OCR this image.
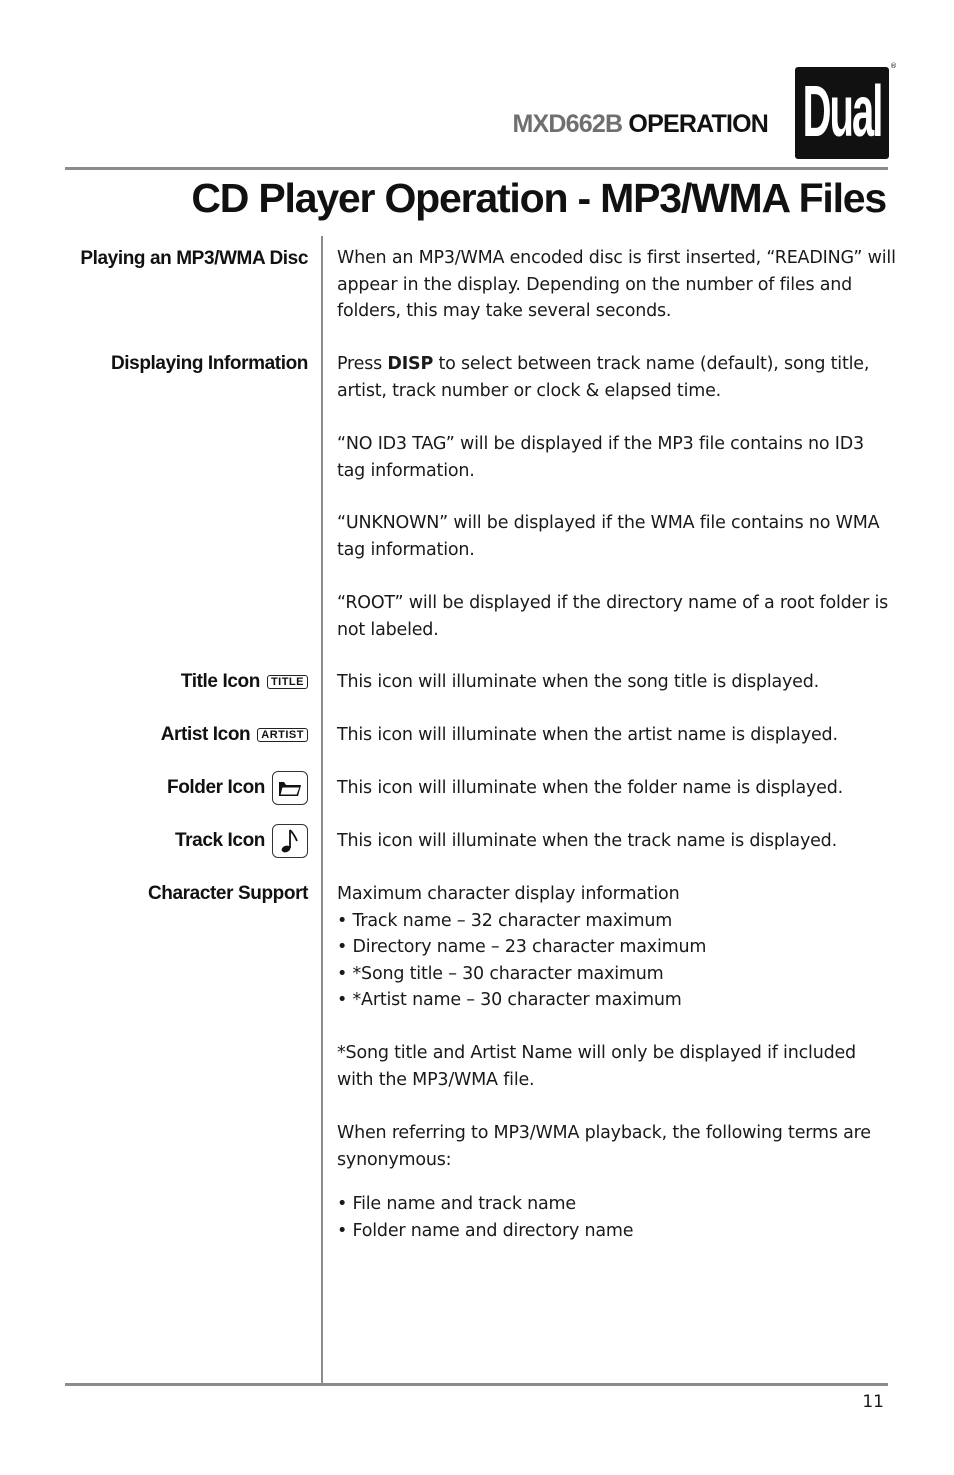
MXD662B OPERATION Dual
®
CD Player Operation - MP3/WMA Files
Playing an MP3/WMA Disc
Displaying Information
Title Icon	TITLE
Artist Icon	ARTIST
Folder Icon
Track Icon
Character Support
When an MP3/WMA encoded disc is first inserted, “READING” will appear in the display. Depending on the number of files and folders, this may take several seconds.
Press DISP to select between track name (default), song title, artist, track number or clock & elapsed time.
“NO ID3 TAG” will be displayed if the MP3 file contains no ID3 tag information.
“UNKNOWN” will be displayed if the WMA file contains no WMA tag information.
“ROOT” will be displayed if the directory name of a root folder is not labeled.
This icon will illuminate when the song title is displayed.
This icon will illuminate when the artist name is displayed.
This icon will illuminate when the folder name is displayed.
This icon will illuminate when the track name is displayed.
Maximum character display information
• Track name – 32 character maximum
• Directory name – 23 character maximum
• *Song title – 30 character maximum
• *Artist name – 30 character maximum
*Song title and Artist Name will only be displayed if included with the MP3/WMA file.
When referring to MP3/WMA playback, the following terms are synonymous:
• File name and track name
• Folder name and directory name
11
